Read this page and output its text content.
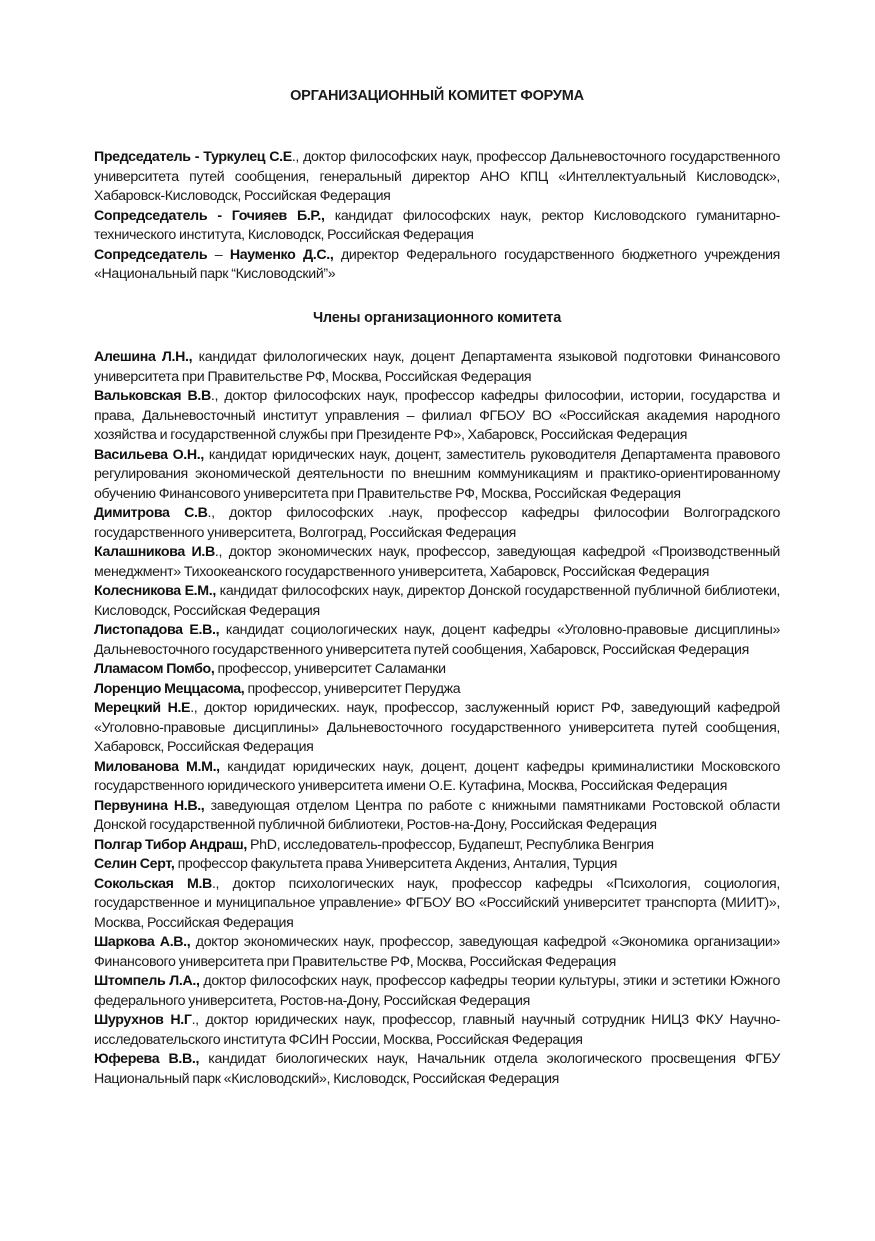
ОРГАНИЗАЦИОННЫЙ КОМИТЕТ ФОРУМА

Председатель - Туркулец С.Е., доктор философских наук, профессор Дальневосточного государственного университета путей сообщения, генеральный директор АНО КПЦ «Интеллектуальный Кисловодск», Хабаровск-Кисловодск, Российская Федерация

Сопредседатель - Гочияев Б.Р., кандидат философских наук, ректор Кисловодского гуманитарно-технического института, Кисловодск, Российская Федерация

Сопредседатель – Науменко Д.С., директор Федерального государственного бюджетного учреждения «Национальный парк “Кисловодский”»

Члены организационного комитета

Алешина Л.Н., кандидат филологических наук, доцент Департамента языковой подготовки Финансового университета при Правительстве РФ, Москва, Российская Федерация

Вальковская В.В., доктор философских наук, профессор кафедры философии, истории, государства и права, Дальневосточный институт управления – филиал ФГБОУ ВО «Российская академия народного хозяйства и государственной службы при Президенте РФ», Хабаровск, Российская Федерация

Васильева О.Н., кандидат юридических наук, доцент, заместитель руководителя Департамента правового регулирования экономической деятельности по внешним коммуникациям и практико-ориентированному обучению Финансового университета при Правительстве РФ, Москва, Российская Федерация

Димитрова С.В., доктор философских .наук, профессор кафедры философии Волгоградского государственного университета, Волгоград, Российская Федерация

Калашникова И.В., доктор экономических наук, профессор, заведующая кафедрой «Производственный менеджмент» Тихоокеанского государственного университета, Хабаровск, Российская Федерация

Колесникова Е.М., кандидат философских наук, директор Донской государственной публичной библиотеки, Кисловодск, Российская Федерация

Листопадова Е.В., кандидат социологических наук, доцент кафедры «Уголовно-правовые дисциплины» Дальневосточного государственного университета путей сообщения, Хабаровск, Российская Федерация

Лламасом Помбо, профессор, университет Саламанки

Лоренцио Меццасома, профессор, университет Перуджа

Мерецкий Н.Е., доктор юридических. наук, профессор, заслуженный юрист РФ, заведующий кафедрой «Уголовно-правовые дисциплины» Дальневосточного государственного университета путей сообщения, Хабаровск, Российская Федерация

Милованова М.М., кандидат юридических наук, доцент, доцент кафедры криминалистики Московского государственного юридического университета имени О.Е. Кутафина, Москва, Российская Федерация

Первунина Н.В., заведующая отделом Центра по работе с книжными памятниками Ростовской области Донской государственной публичной библиотеки, Ростов-на-Дону, Российская Федерация

Полгар Тибор Андраш, PhD, исследователь-профессор, Будапешт, Республика Венгрия

Селин Серт, профессор факультета права Университета Акдениз, Анталия, Турция

Сокольская М.В., доктор психологических наук, профессор кафедры «Психология, социология, государственное и муниципальное управление» ФГБОУ ВО «Российский университет транспорта (МИИТ)», Москва, Российская Федерация

Шаркова А.В., доктор экономических наук, профессор, заведующая кафедрой «Экономика организации» Финансового университета при Правительстве РФ, Москва, Российская Федерация

Штомпель Л.А., доктор философских наук, профессор кафедры теории культуры, этики и эстетики Южного федерального университета, Ростов-на-Дону, Российская Федерация

Шурухнов Н.Г., доктор юридических наук, профессор, главный научный сотрудник НИЦ3 ФКУ Научно-исследовательского института ФСИН России, Москва, Российская Федерация

Юферева В.В., кандидат биологических наук, Начальник отдела экологического просвещения ФГБУ Национальный парк «Кисловодский», Кисловодск, Российская Федерация
